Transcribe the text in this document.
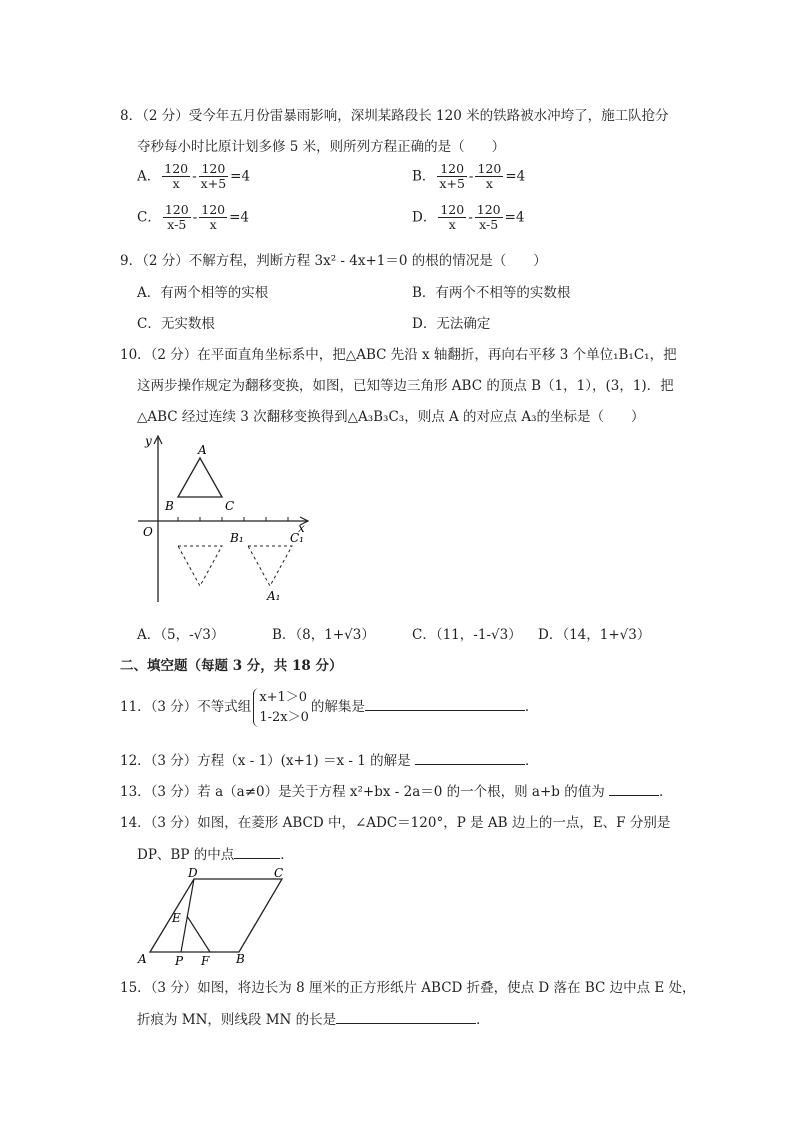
8．（2 分）受今年五月份雷暴雨影响，深圳某路段长 120 米的铁路被水冲垮了，施工队抢分
夺秒每小时比原计划多修 5 米，则所列方程正确的是（　　）
A． $\frac{120}{x} - \frac{120}{x+5} =4$	B． $\frac{120}{x+5} - \frac{120}{x} =4$
C． $\frac{120}{x-5} - \frac{120}{x} =4$	D． $\frac{120}{x} - \frac{120}{x-5} =4$
9．（2 分）不解方程，判断方程 3x² - 4x+1＝0 的根的情况是（　　）
A．有两个相等的实根	B．有两个不相等的实数根
C．无实数根	D．无法确定
10．（2 分）在平面直角坐标系中，把△ABC 先沿 x 轴翻折，再向右平移 3 个单位₁B₁C₁，把
这两步操作规定为翻移变换，如图，已知等边三角形 ABC 的顶点 B（1，1），(3，1)．把
△ABC 经过连续 3 次翻移变换得到△A₃B₃C₃，则点 A 的对应点 A₃的坐标是（　　）
y
x
O
A
B	C
B₁	C₁
A₁
A．（5，-√3）	B．（8，1+√3）	C．（11，-1-√3） D．（14，1+√3）
二、填空题（每题 3 分，共 18 分）
11．（3 分）不等式组
x+1＞0
1-2x＞0
的解集是	．
12．（3 分）方程（x - 1）(x+1) ＝x - 1 的解是	．
13．（3 分）若 a（a≠0）是关于方程 x²+bx - 2a＝0 的一个根，则 a+b 的值为	．
14．（3 分）如图，在菱形 ABCD 中，∠ADC＝120°，P 是 AB 边上的一点，E、F 分别是
DP、BP 的中点	．
A	B
C
D
E
P F
15．（3 分）如图，将边长为 8 厘米的正方形纸片 ABCD 折叠，使点 D 落在 BC 边中点 E 处，
折痕为 MN，则线段 MN 的长是	．
